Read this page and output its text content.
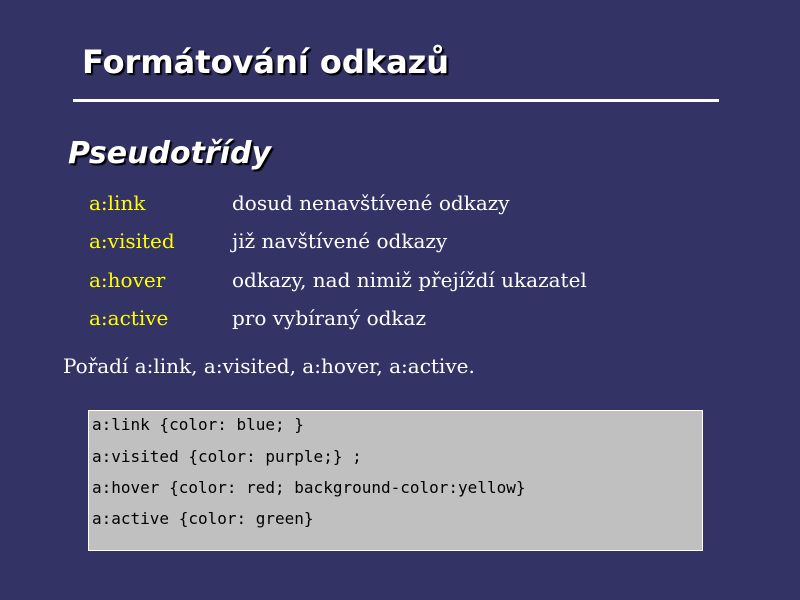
Formátování odkazů
Pseudotřídy
a:link	dosud nenavštívené odkazy
a:visited	již navštívené odkazy
a:hover	odkazy, nad nimiž přejíždí ukazatel
a:active	pro vybíraný odkaz
Pořadí a:link, a:visited, a:hover, a:active.
a:link {color: blue; }
a:visited {color: purple;} ;
a:hover {color: red; background-color:yellow}
a:active {color: green}
